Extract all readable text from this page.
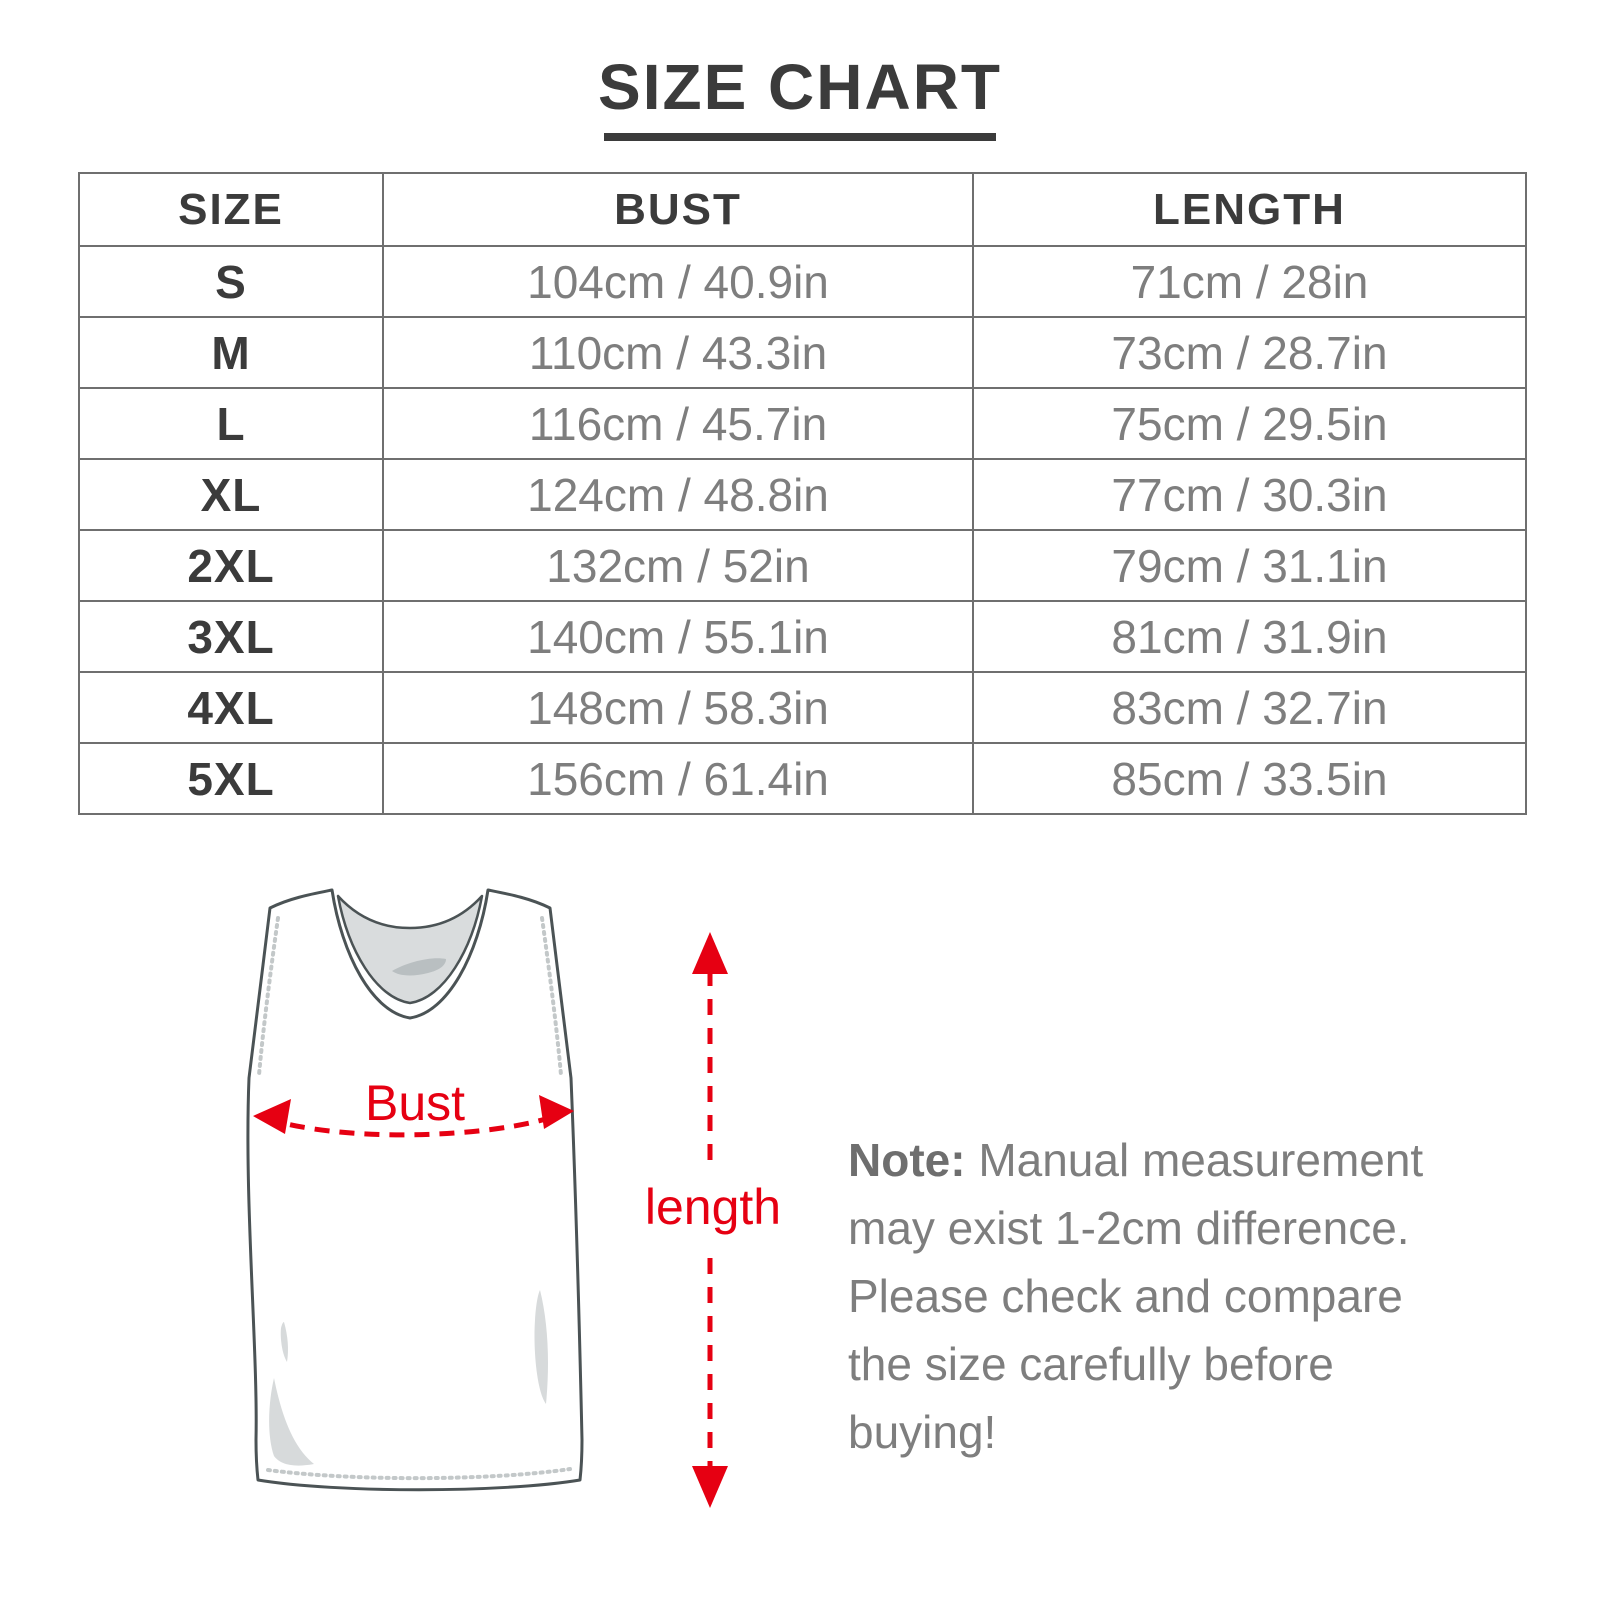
SIZE CHART
SIZE	BUST	LENGTH
S	104cm / 40.9in	71cm / 28in
M	110cm / 43.3in	73cm / 28.7in
L	116cm / 45.7in	75cm / 29.5in
XL	124cm / 48.8in	77cm / 30.3in
2XL	132cm / 52in	79cm / 31.1in
3XL	140cm / 55.1in	81cm / 31.9in
4XL	148cm / 58.3in	83cm / 32.7in
5XL	156cm / 61.4in	85cm / 33.5in
Bust
length

Note: Manual measurement may exist 1-2cm difference. Please check and compare the size carefully before buying!
